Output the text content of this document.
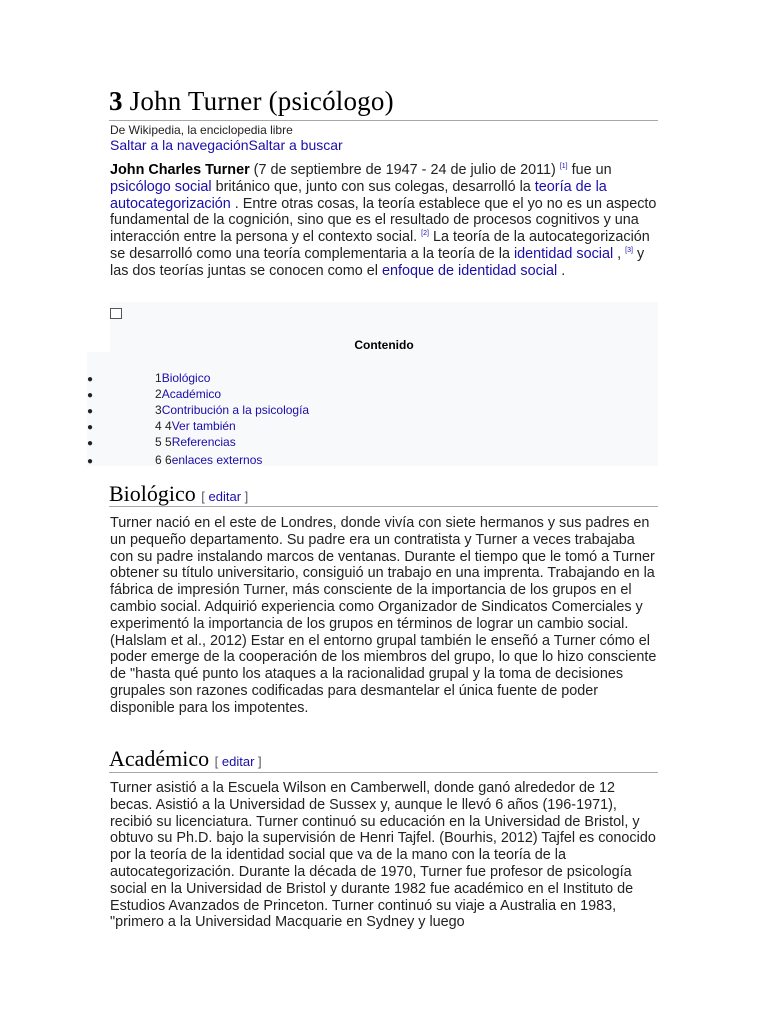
3 John Turner (psicólogo)
De Wikipedia, la enciclopedia libre
Saltar a la navegaciónSaltar a buscar

John Charles Turner (7 de septiembre de 1947 - 24 de julio de 2011) [1] fue un psicólogo social británico que, junto con sus colegas, desarrolló la teoría de la autocategorización . Entre otras cosas, la teoría establece que el yo no es un aspecto fundamental de la cognición, sino que es el resultado de procesos cognitivos y una interacción entre la persona y el contexto social. [2] La teoría de la autocategorización se desarrolló como una teoría complementaria a la teoría de la identidad social , [3] y las dos teorías juntas se conocen como el enfoque de identidad social .

Contenido
●	1Biológico
●	2Académico
●	3Contribución a la psicología
●	4 4Ver también
●	5 5Referencias
●	6 6enlaces externos
Biológico [ editar ]

Turner nació en el este de Londres, donde vivía con siete hermanos y sus padres en un pequeño departamento. Su padre era un contratista y Turner a veces trabajaba con su padre instalando marcos de ventanas. Durante el tiempo que le tomó a Turner obtener su título universitario, consiguió un trabajo en una imprenta. Trabajando en la fábrica de impresión Turner, más consciente de la importancia de los grupos en el cambio social. Adquirió experiencia como Organizador de Sindicatos Comerciales y experimentó la importancia de los grupos en términos de lograr un cambio social. (Halslam et al., 2012) Estar en el entorno grupal también le enseñó a Turner cómo el poder emerge de la cooperación de los miembros del grupo, lo que lo hizo consciente de "hasta qué punto los ataques a la racionalidad grupal y la toma de decisiones grupales son razones codificadas para desmantelar el única fuente de poder disponible para los impotentes.

Académico [ editar ]

Turner asistió a la Escuela Wilson en Camberwell, donde ganó alrededor de 12 becas. Asistió a la Universidad de Sussex y, aunque le llevó 6 años (196-1971), recibió su licenciatura. Turner continuó su educación en la Universidad de Bristol, y obtuvo su Ph.D. bajo la supervisión de Henri Tajfel. (Bourhis, 2012) Tajfel es conocido por la teoría de la identidad social que va de la mano con la teoría de la autocategorización. Durante la década de 1970, Turner fue profesor de psicología social en la Universidad de Bristol y durante 1982 fue académico en el Instituto de Estudios Avanzados de Princeton. Turner continuó su viaje a Australia en 1983, "primero a la Universidad Macquarie en Sydney y luego
